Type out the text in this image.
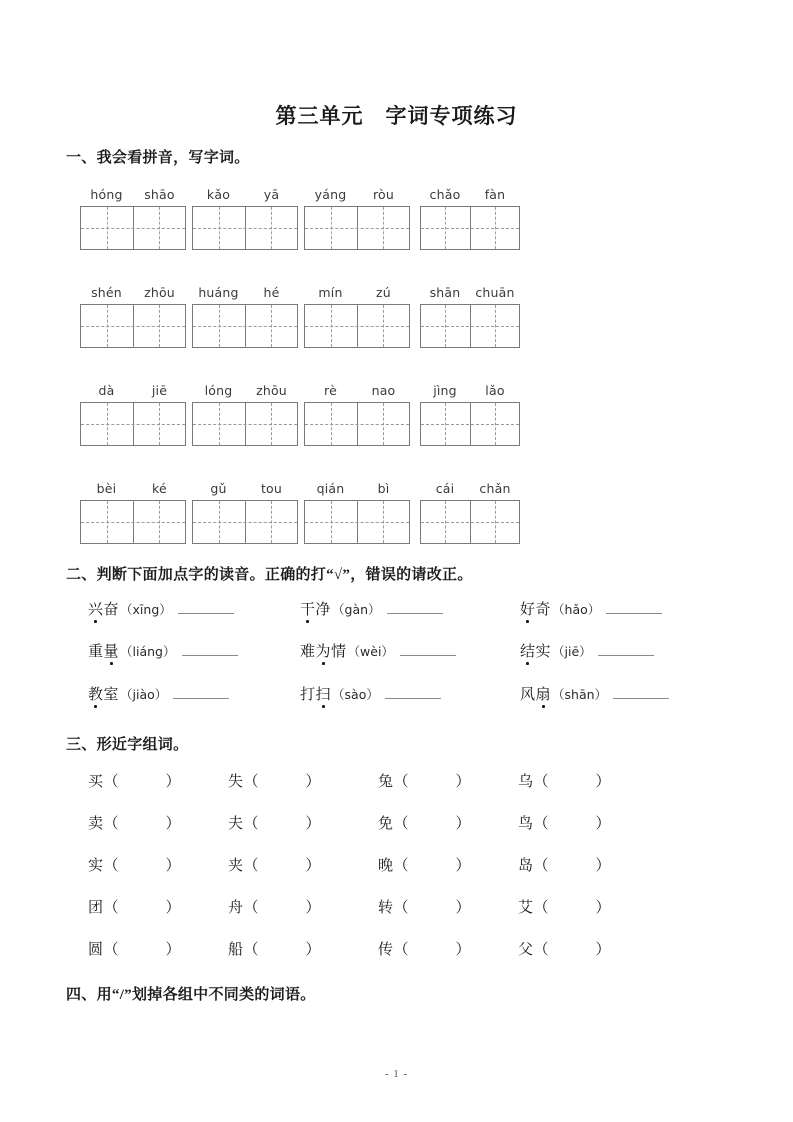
第三单元　字词专项练习
一、我会看拼音，写字词。
hóng	shāo	kǎo	yā	yáng	ròu	chǎo	fàn
shén	zhōu	huáng	hé	mín	zú	shān	chuān
dà	jiē	lóng	zhōu	rè	nao	jìng	lǎo
bèi	ké	gǔ	tou	qián	bì	cái	chǎn
二、判断下面加点字的读音。正确的打“√”，错误的请改正。
兴奋 （xīng）	干净 （gàn）	好奇 （hǎo）
重量 （liáng）	难为情 （wèi）	结实 （jiē）
教室 （jiào）	打扫 （sào）	风扇 （shān）
三、形近字组词。
买（　　　）	失（　　　）	兔（　　　）	乌（　　　）
卖（　　　）	夫（　　　）	免（　　　）	鸟（　　　）
实（　　　）	夹（　　　）	晚（　　　）	岛（　　　）
团（　　　）	舟（　　　）	转（　　　）	艾（　　　）
圆（　　　）	船（　　　）	传（　　　）	父（　　　）
四、用“/”划掉各组中不同类的词语。
- 1 -
